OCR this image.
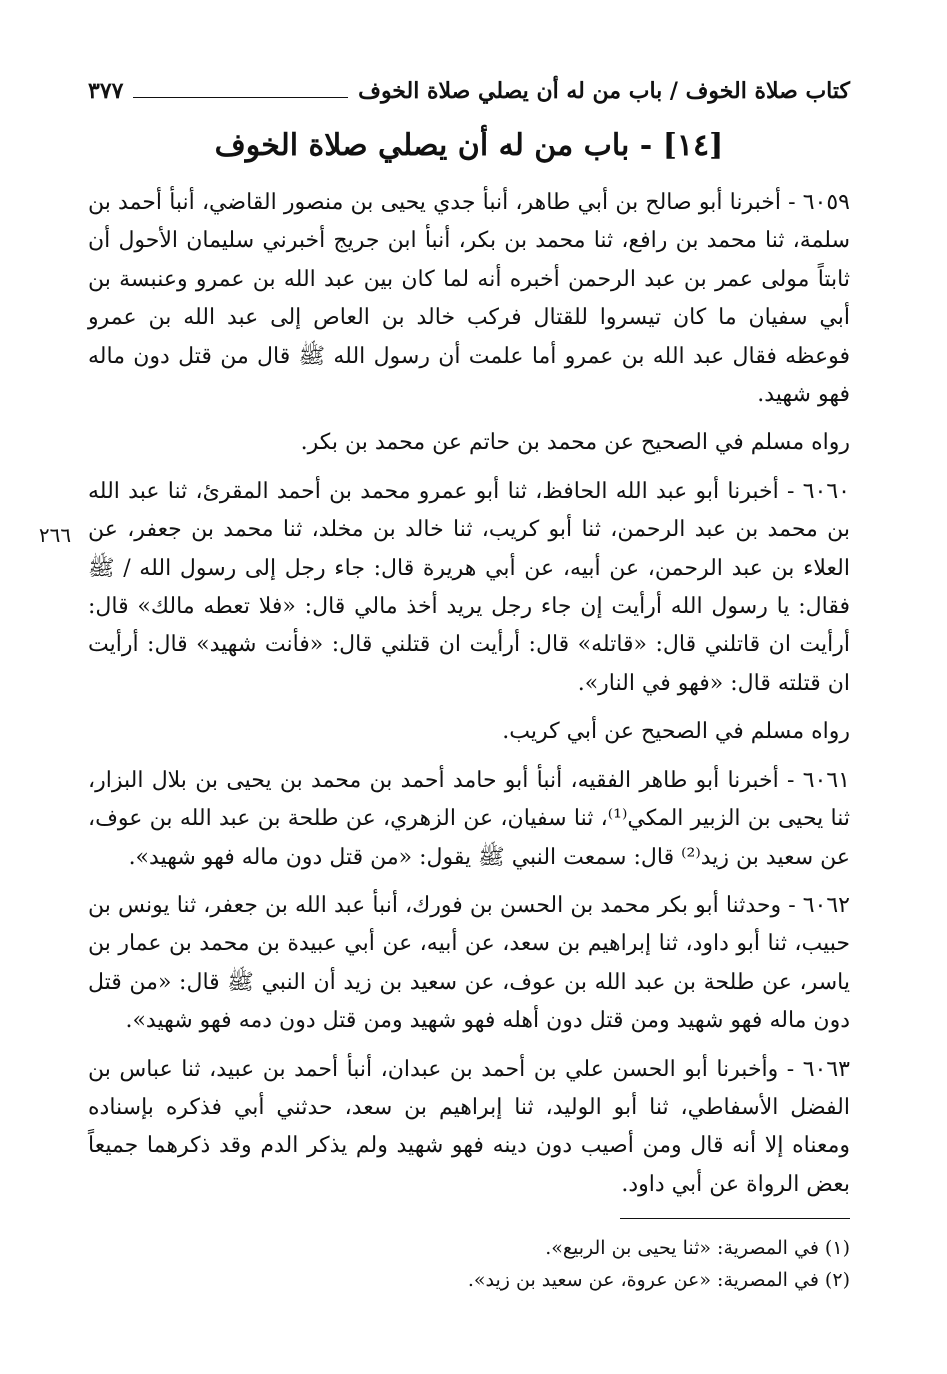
كتاب صلاة الخوف / باب من له أن يصلي صلاة الخوف
٣٧٧
[١٤] - باب من له أن يصلي صلاة الخوف
٢٦٦

٦٠٥٩ - أخبرنا أبو صالح بن أبي طاهر، أنبأ جدي يحيى بن منصور القاضي، أنبأ أحمد بن سلمة، ثنا محمد بن رافع، ثنا محمد بن بكر، أنبأ ابن جريج أخبرني سليمان الأحول أن ثابتاً مولى عمر بن عبد الرحمن أخبره أنه لما كان بين عبد الله بن عمرو وعنبسة بن أبي سفيان ما كان تيسروا للقتال فركب خالد بن العاص إلى عبد الله بن عمرو فوعظه فقال عبد الله بن عمرو أما علمت أن رسول الله ﷺ قال من قتل دون ماله فهو شهيد.

رواه مسلم في الصحيح عن محمد بن حاتم عن محمد بن بكر.

٦٠٦٠ - أخبرنا أبو عبد الله الحافظ، ثنا أبو عمرو محمد بن أحمد المقرئ، ثنا عبد الله بن محمد بن عبد الرحمن، ثنا أبو كريب، ثنا خالد بن مخلد، ثنا محمد بن جعفر، عن العلاء بن عبد الرحمن، عن أبيه، عن أبي هريرة قال: جاء رجل إلى رسول الله / ﷺ فقال: يا رسول الله أرأيت إن جاء رجل يريد أخذ مالي قال: «فلا تعطه مالك» قال: أرأيت ان قاتلني قال: «قاتله» قال: أرأيت ان قتلني قال: «فأنت شهيد» قال: أرأيت ان قتلته قال: «فهو في النار».

رواه مسلم في الصحيح عن أبي كريب.

٦٠٦١ - أخبرنا أبو طاهر الفقيه، أنبأ أبو حامد أحمد بن محمد بن يحيى بن بلال البزار، ثنا يحيى بن الزبير المكي⁽¹⁾، ثنا سفيان، عن الزهري، عن طلحة بن عبد الله بن عوف، عن سعيد بن زيد⁽²⁾ قال: سمعت النبي ﷺ يقول: «من قتل دون ماله فهو شهيد».

٦٠٦٢ - وحدثنا أبو بكر محمد بن الحسن بن فورك، أنبأ عبد الله بن جعفر، ثنا يونس بن حبيب، ثنا أبو داود، ثنا إبراهيم بن سعد، عن أبيه، عن أبي عبيدة بن محمد بن عمار بن ياسر، عن طلحة بن عبد الله بن عوف، عن سعيد بن زيد أن النبي ﷺ قال: «من قتل دون ماله فهو شهيد ومن قتل دون أهله فهو شهيد ومن قتل دون دمه فهو شهيد».

٦٠٦٣ - وأخبرنا أبو الحسن علي بن أحمد بن عبدان، أنبأ أحمد بن عبيد، ثنا عباس بن الفضل الأسفاطي، ثنا أبو الوليد، ثنا إبراهيم بن سعد، حدثني أبي فذكره بإسناده ومعناه إلا أنه قال ومن أصيب دون دينه فهو شهيد ولم يذكر الدم وقد ذكرهما جميعاً بعض الرواة عن أبي داود.

(١) في المصرية: «ثنا يحيى بن الربيع».

(٢) في المصرية: «عن عروة، عن سعيد بن زيد».
